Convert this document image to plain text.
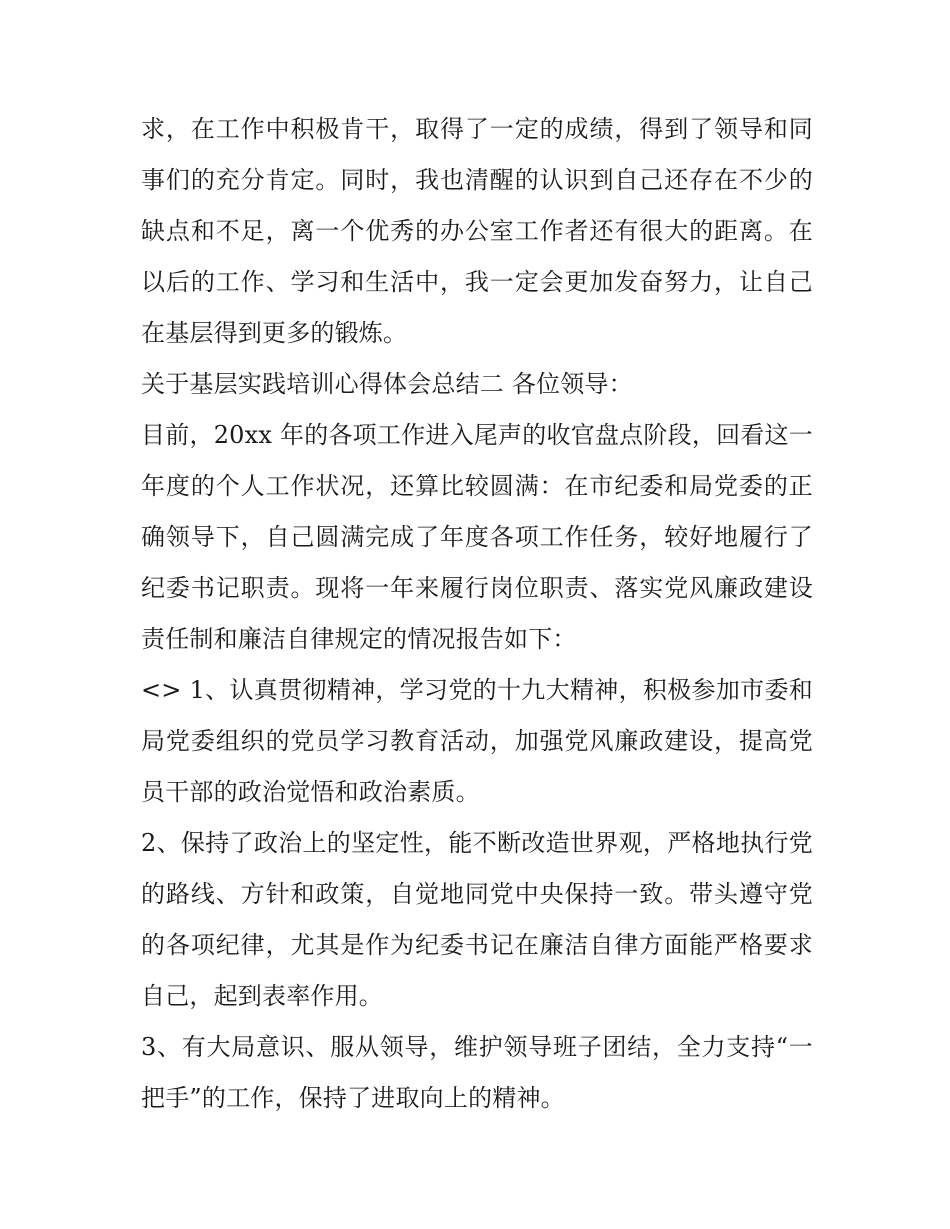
求，在工作中积极肯干，取得了一定的成绩，得到了领导和同事们的充分肯定。同时，我也清醒的认识到自己还存在不少的缺点和不足，离一个优秀的办公室工作者还有很大的距离。在以后的工作、学习和生活中，我一定会更加发奋努力，让自己在基层得到更多的锻炼。

关于基层实践培训心得体会总结二 各位领导：

目前，20xx 年的各项工作进入尾声的收官盘点阶段，回看这一年度的个人工作状况，还算比较圆满：在市纪委和局党委的正确领导下，自己圆满完成了年度各项工作任务，较好地履行了纪委书记职责。现将一年来履行岗位职责、落实党风廉政建设责任制和廉洁自律规定的情况报告如下：

<> 1、认真贯彻精神，学习党的十九大精神，积极参加市委和局党委组织的党员学习教育活动，加强党风廉政建设，提高党员干部的政治觉悟和政治素质。

2、保持了政治上的坚定性，能不断改造世界观，严格地执行党的路线、方针和政策，自觉地同党中央保持一致。带头遵守党的各项纪律，尤其是作为纪委书记在廉洁自律方面能严格要求自己，起到表率作用。

3、有大局意识、服从领导，维护领导班子团结，全力支持“一把手”的工作，保持了进取向上的精神。
